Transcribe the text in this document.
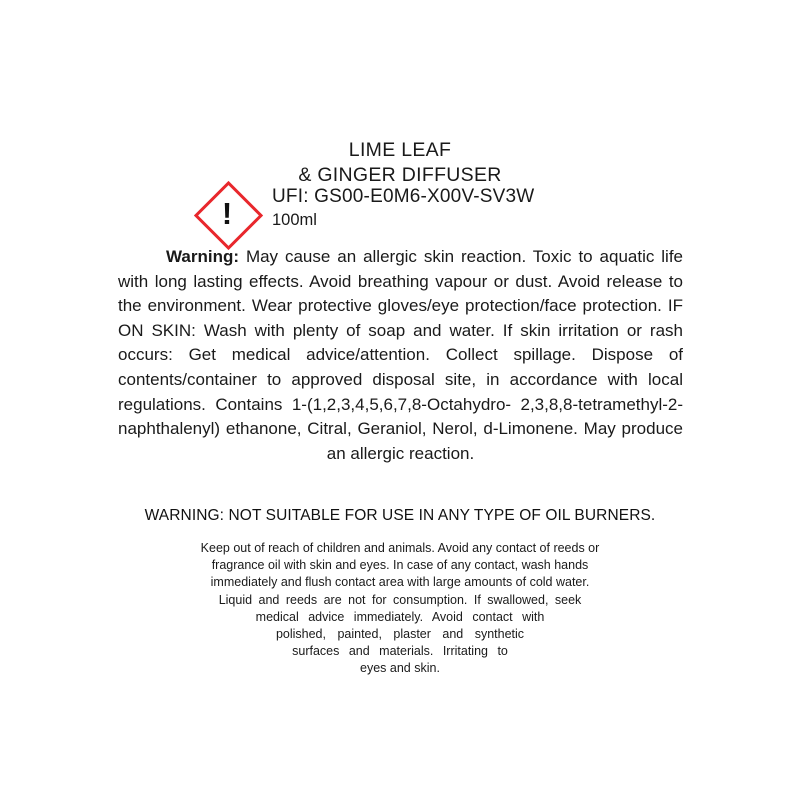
LIME LEAF
& GINGER DIFFUSER
!	UFI: GS00-E0M6-X00V-SV3W
100ml
Warning: May cause an allergic skin reaction. Toxic to aquatic life with long lasting effects. Avoid breathing vapour or dust. Avoid release to the environment. Wear protective gloves/eye protection/face protection. IF ON SKIN: Wash with plenty of soap and water. If skin irritation or rash occurs: Get medical advice/attention. Collect spillage. Dispose of contents/container to approved disposal site, in accordance with local regulations. Contains 1-(1,2,3,4,5,6,7,8-Octahydro- 2,3,8,8-tetramethyl-2-naphthalenyl) ethanone, Citral, Geraniol, Nerol, d-Limonene. May produce an allergic reaction.
WARNING: NOT SUITABLE FOR USE IN ANY TYPE OF OIL BURNERS.
Keep out of reach of children and animals. Avoid any contact of reeds or
fragrance oil with skin and eyes. In case of any contact, wash hands
immediately and flush contact area with large amounts of cold water.
Liquid and reeds are not for consumption. If swallowed, seek
medical advice immediately. Avoid contact with
polished, painted, plaster and synthetic
surfaces and materials. Irritating to
eyes and skin.
